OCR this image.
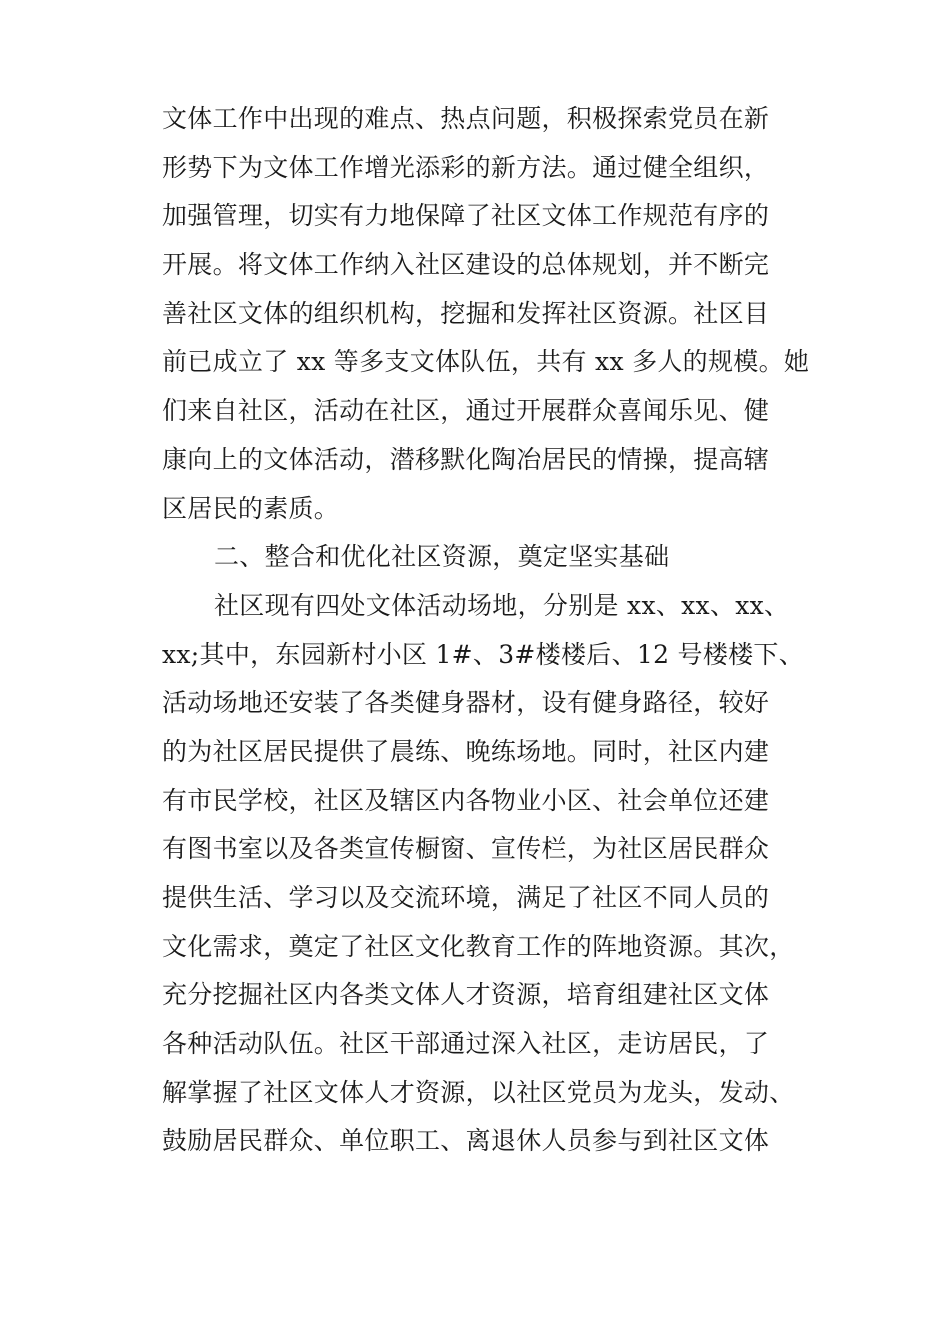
文体工作中出现的难点、热点问题，积极探索党员在新
形势下为文体工作增光添彩的新方法。通过健全组织，
加强管理，切实有力地保障了社区文体工作规范有序的
开展。将文体工作纳入社区建设的总体规划，并不断完
善社区文体的组织机构，挖掘和发挥社区资源。社区目
前已成立了 xx 等多支文体队伍，共有 xx 多人的规模。她
们来自社区，活动在社区，通过开展群众喜闻乐见、健
康向上的文体活动，潜移默化陶冶居民的情操，提高辖
区居民的素质。
二、整合和优化社区资源，奠定坚实基础
社区现有四处文体活动场地，分别是 xx、xx、xx、
xx;其中，东园新村小区 1#、3#楼楼后、12 号楼楼下、
活动场地还安装了各类健身器材，设有健身路径，较好
的为社区居民提供了晨练、晚练场地。同时，社区内建
有市民学校，社区及辖区内各物业小区、社会单位还建
有图书室以及各类宣传橱窗、宣传栏，为社区居民群众
提供生活、学习以及交流环境，满足了社区不同人员的
文化需求，奠定了社区文化教育工作的阵地资源。其次，
充分挖掘社区内各类文体人才资源，培育组建社区文体
各种活动队伍。社区干部通过深入社区，走访居民，了
解掌握了社区文体人才资源，以社区党员为龙头，发动、
鼓励居民群众、单位职工、离退休人员参与到社区文体
